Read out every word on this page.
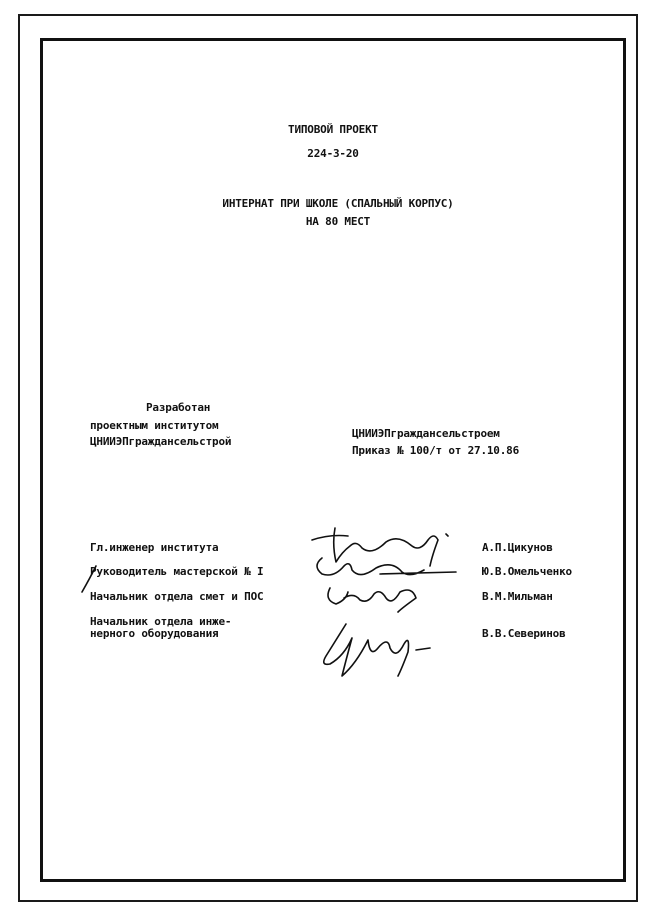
ТИПОВОЙ ПРОЕКТ
224-3-20
ИНТЕРНАТ ПРИ ШКОЛЕ (СПАЛЬНЫЙ КОРПУС)
НА 80 МЕСТ
Разработан
проектным институтом
ЦНИИЭПграждансельстрой
ЦНИИЭПграждансельстроем
Приказ № 100/т от 27.10.86
Гл.инженер института	А.П.Цикунов
Руководитель мастерской № I	Ю.В.Омельченко
Начальник отдела смет и ПОС	В.М.Мильман
Начальник отдела инже-
нерного оборудования	В.В.Северинов
